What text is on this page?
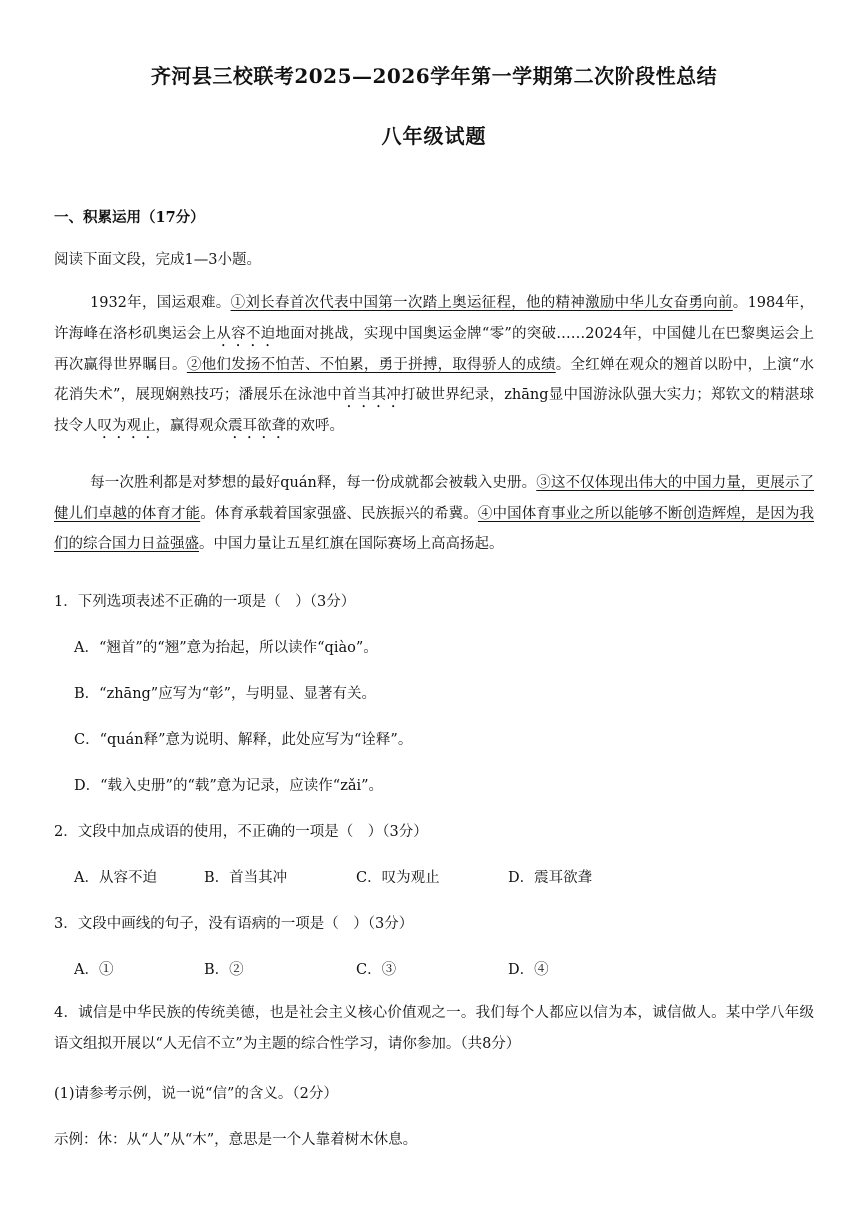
齐河县三校联考2025—2026学年第一学期第二次阶段性总结
八年级试题
一、积累运用（17分）
阅读下面文段，完成1—3小题。
1932年，国运艰难。①刘长春首次代表中国第一次踏上奥运征程，他的精神激励中华儿女奋勇向前。1984年，许海峰在洛杉矶奥运会上从容不迫地面对挑战，实现中国奥运金牌“零”的突破……2024年，中国健儿在巴黎奥运会上再次赢得世界瞩目。②他们发扬不怕苦、不怕累，勇于拼搏，取得骄人的成绩。全红婵在观众的翘首以盼中，上演“水花消失术”，展现娴熟技巧；潘展乐在泳池中首当其冲打破世界纪录，zhāng显中国游泳队强大实力；郑钦文的精湛球技令人叹为观止，赢得观众震耳欲聋的欢呼。
每一次胜利都是对梦想的最好quán释，每一份成就都会被载入史册。③这不仅体现出伟大的中国力量，更展示了健儿们卓越的体育才能。体育承载着国家强盛、民族振兴的希冀。④中国体育事业之所以能够不断创造辉煌，是因为我们的综合国力日益强盛。中国力量让五星红旗在国际赛场上高高扬起。
1．下列选项表述不正确的一项是（　）（3分）
A．“翘首”的“翘”意为抬起，所以读作“qiào”。
B．“zhāng”应写为“彰”，与明显、显著有关。
C．“quán释”意为说明、解释，此处应写为“诠释”。
D．“载入史册”的“载”意为记录，应读作“zǎi”。
2．文段中加点成语的使用，不正确的一项是（　）（3分）
A．从容不迫	B．首当其冲	C．叹为观止	D．震耳欲聋
3．文段中画线的句子，没有语病的一项是（　）（3分）
A．①	B．②	C．③	D．④
4．诚信是中华民族的传统美德，也是社会主义核心价值观之一。我们每个人都应以信为本，诚信做人。某中学八年级语文组拟开展以“人无信不立”为主题的综合性学习，请你参加。（共8分）
(1)请参考示例，说一说“信”的含义。（2分）
示例：休：从“人”从“木”，意思是一个人靠着树木休息。
